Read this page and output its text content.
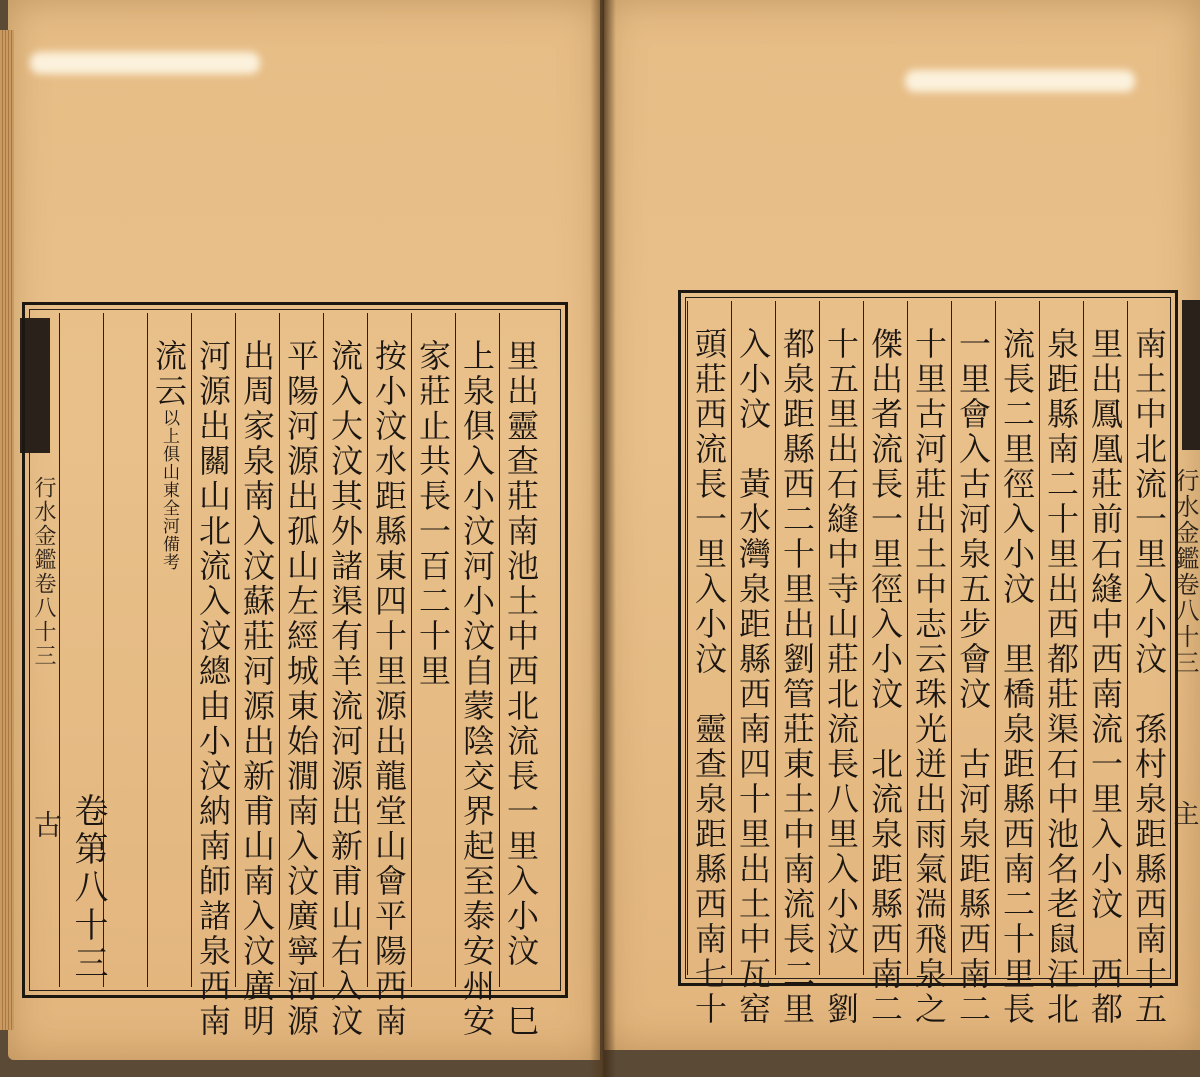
行水金鑑卷八十三
古	里出靈查莊南池土中西北流長一里入小汶　巳
上泉俱入小汶河小汶自蒙陰交界起至泰安州安
家莊止共長一百二十里
按小汶水距縣東四十里源出龍堂山會平陽西南
流入大汶其外諸渠有羊流河源出新甫山右入汶
平陽河源出孤山左經城東始㵎南入汶廣寧河源
出周家泉南入汶蘇莊河源出新甫山南入汶廣明
河源出關山北流入汶總由小汶納南師諸泉西南
流云以上俱山東全河備考
卷第八十三
行水金鑑卷八十三
主
南土中北流一里入小汶　孫村泉距縣西南十五
里出鳳凰莊前石縫中西南流一里入小汶　西都
泉距縣南二十里出西都莊渠石中池名老鼠汪北
流長二里徑入小汶　里橋泉距縣西南二十里長
一里會入古河泉五步會汶　古河泉距縣西南二
十里古河莊出土中志云珠光迸出雨氣湍飛泉之
傑出者流長一里徑入小汶　北流泉距縣西南二
十五里出石縫中寺山莊北流長八里入小汶　劉
都泉距縣西二十里出劉管莊東土中南流長二里
入小汶　黃水灣泉距縣西南四十里出土中瓦窑
頭莊西流長一里入小汶　靈查泉距縣西南七十
